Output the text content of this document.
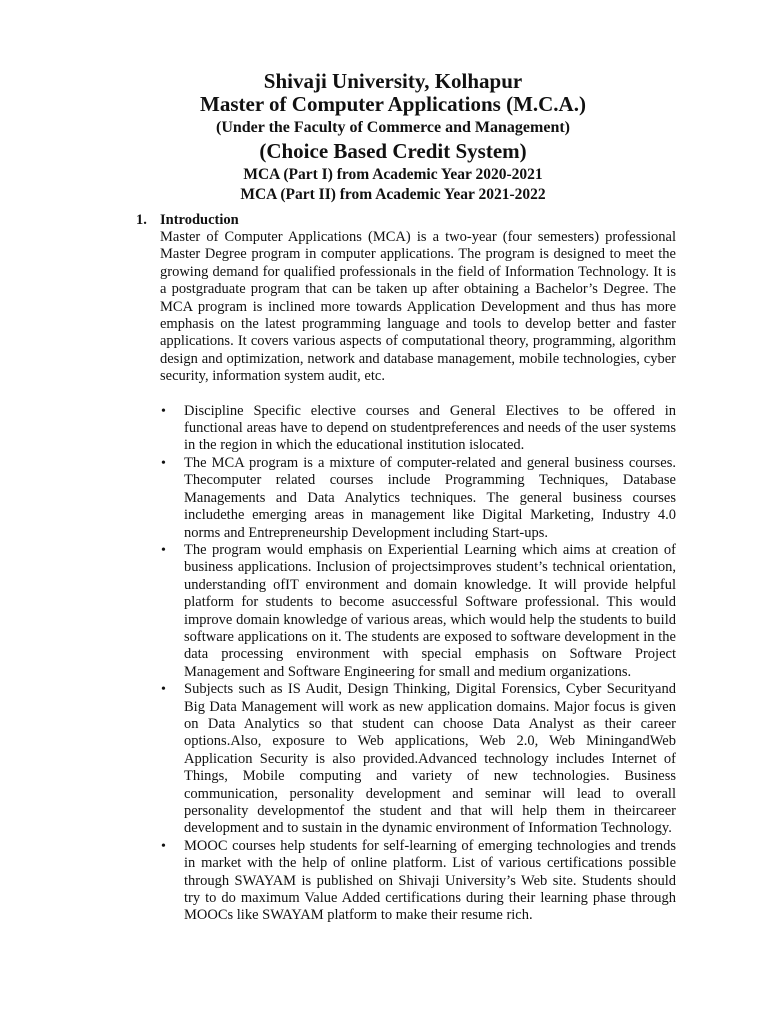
Shivaji University, Kolhapur
Master of Computer Applications (M.C.A.)
(Under the Faculty of Commerce and Management)
(Choice Based Credit System)
MCA (Part I) from Academic Year 2020-2021
MCA (Part II) from Academic Year 2021-2022
1. Introduction

Master of Computer Applications (MCA) is a two-year (four semesters) professional Master Degree program in computer applications. The program is designed to meet the growing demand for qualified professionals in the field of Information Technology. It is a postgraduate program that can be taken up after obtaining a Bachelor’s Degree. The MCA program is inclined more towards Application Development and thus has more emphasis on the latest programming language and tools to develop better and faster applications. It covers various aspects of computational theory, programming, algorithm design and optimization, network and database management, mobile technologies, cyber security, information system audit, etc.

• Discipline Specific elective courses and General Electives to be offered in functional areas have to depend on studentpreferences and needs of the user systems in the region in which the educational institution islocated.
• The MCA program is a mixture of computer-related and general business courses. Thecomputer related courses include Programming Techniques, Database Managements and Data Analytics techniques. The general business courses includethe emerging areas in management like Digital Marketing, Industry 4.0 norms and Entrepreneurship Development including Start-ups.
• The program would emphasis on Experiential Learning which aims at creation of business applications. Inclusion of projectsimproves student’s technical orientation, understanding ofIT environment and domain knowledge. It will provide helpful platform for students to become asuccessful Software professional. This would improve domain knowledge of various areas, which would help the students to build software applications on it. The students are exposed to software development in the data processing environment with special emphasis on Software Project Management and Software Engineering for small and medium organizations.
• Subjects such as IS Audit, Design Thinking, Digital Forensics, Cyber Securityand Big Data Management will work as new application domains. Major focus is given on Data Analytics so that student can choose Data Analyst as their career options.Also, exposure to Web applications, Web 2.0, Web MiningandWeb Application Security is also provided.Advanced technology includes Internet of Things, Mobile computing and variety of new technologies. Business communication, personality development and seminar will lead to overall personality developmentof the student and that will help them in theircareer development and to sustain in the dynamic environment of Information Technology.
• MOOC courses help students for self-learning of emerging technologies and trends in market with the help of online platform. List of various certifications possible through SWAYAM is published on Shivaji University’s Web site. Students should try to do maximum Value Added certifications during their learning phase through MOOCs like SWAYAM platform to make their resume rich.
